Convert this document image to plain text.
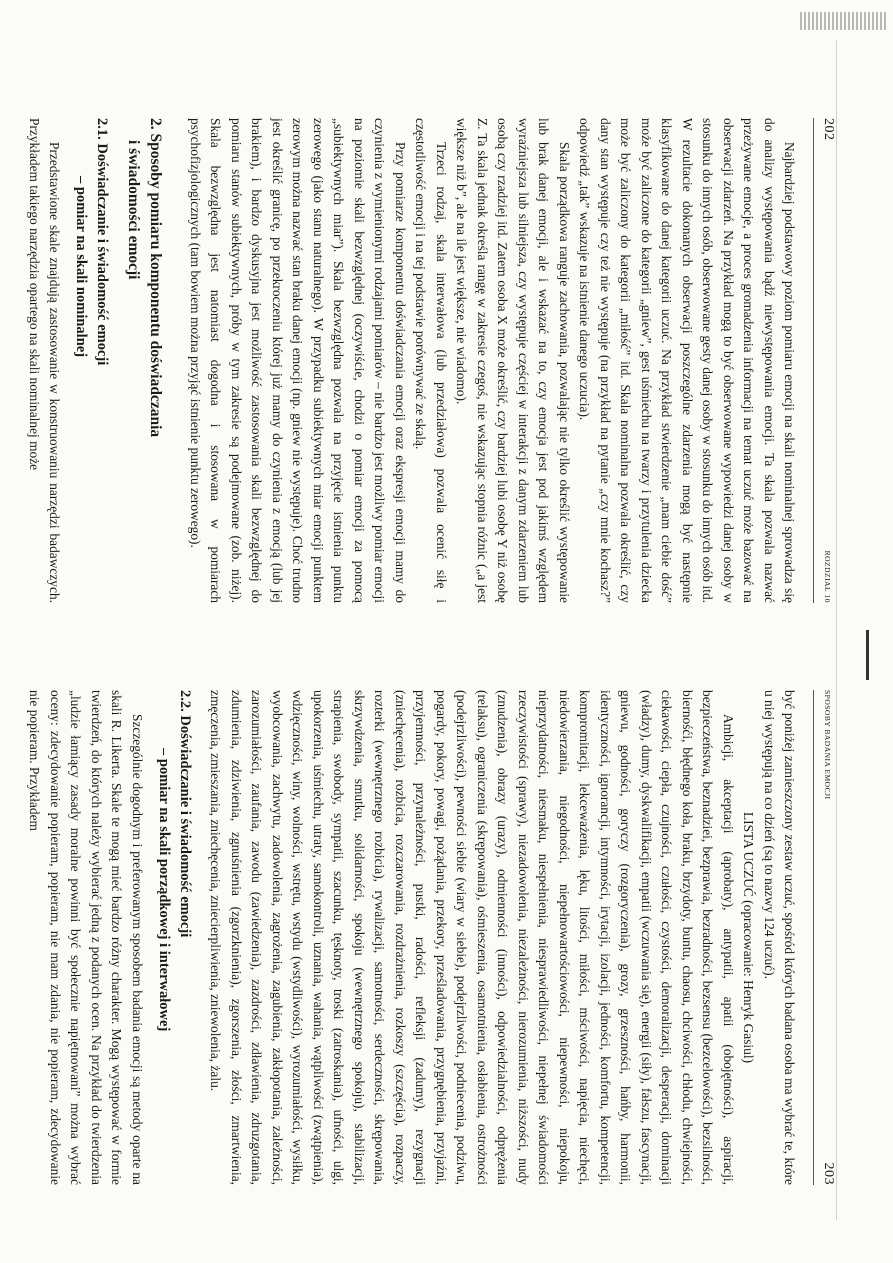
202
ROZDZIAŁ 10

Najbardziej podstawowy poziom pomiaru emocji na skali nominalnej sprowadza się do analizy występowania bądź niewystępowania emocji. Ta skala pozwala nazwać przeżywane emocje, a proces gromadzenia informacji na temat uczuć może bazować na obserwacji zdarzeń. Na przykład mogą to być obserwowane wypowiedzi danej osoby w stosunku do innych osób, obserwowane gesty danej osoby w stosunku do innych osób itd. W rezultacie dokonanych obserwacji poszczególne zdarzenia mogą być następnie klasyfikowane do danej kategorii uczuć. Na przykład stwierdzenie „mam ciebie dość” może być zaliczone do kategorii „gniew”, gest uśmiechu na twarzy i przytulenia dziecka może być zaliczony do kategorii „miłość” itd. Skala nominalna pozwala określić, czy dany stan występuje czy też nie występuje (na przykład na pytanie „czy mnie kochasz?” odpowiedź „tak” wskazuje na istnienie danego uczucia).

Skala porządkowa ranguje zachowania, pozwalając nie tylko określić występowanie lub brak danej emocji, ale i wskazać na to, czy emocja jest pod jakimś względem wyraźniejsza lub silniejsza, czy występuje częściej w interakcji z danym zdarzeniem lub osobą czy rzadziej itd. Zatem osoba X może określić, czy bardziej lubi osobę Y niż osobę Z. Ta skala jednak określa rangę w zakresie czegoś, nie wskazując stopnia różnic („a jest większe niż b”, ale na ile jest większe, nie wiadomo).

Trzeci rodzaj, skala interwałowa (lub przedziałowa) pozwala ocenić siłę i częstotliwość emocji i na tej podstawie porównywać ze skalą.

Przy pomiarze komponentu doświadczania emocji oraz ekspresji emocji mamy do czynienia z wymienionymi rodzajami pomiarów – nie bardzo jest możliwy pomiar emocji na poziomie skali bezwzględnej (oczywiście, chodzi o pomiar emocji za pomocą „subiektywnych miar”). Skala bezwzględna pozwala na przyjęcie istnienia punktu zerowego (jako stanu naturalnego). W przypadku subiektywnych miar emocji punktem zerowym można nazwać stan braku danej emocji (np. gniew nie występuje). Choć trudno jest określić granicę, po przekroczeniu której już mamy do czynienia z emocją (lub jej brakiem), i bardzo dyskusyjna jest możliwość zastosowania skali bezwzględnej do pomiaru stanów subiektywnych, próby w tym zakresie są podejmowane (zob. niżej). Skala bezwzględna jest natomiast dogodna i stosowana w pomiarach psychofizjologicznych (tam bowiem można przyjąć istnienie punktu zerowego).

2. Sposoby pomiaru komponentu doświadczania
i świadomości emocji
2.1. Doświadczanie i świadomość emocji
– pomiar na skali nominalnej

Przedstawione skale znajdują zastosowanie w konstruowaniu narzędzi badawczych. Przykładem takiego narzędzia opartego na skali nominalnej może

SPOSOBY BADANIA EMOCJI
203

być poniżej zamieszczony zestaw uczuć, spośród których badana osoba ma wybrać te, które u niej występują na co dzień (są to nazwy 124 uczuć).

LISTA UCZUĆ (opracowanie: Henryk Gasiul)

Ambicji, akceptacji (aprobaty), antypatii, apatii (obojętności), aspiracji, bezpieczeństwa, beznadziei, bezprawia, bezradności, bezsensu (bezcelowości), bezsilności, biernośći, błędnego koła, braku, brzydoty, buntu, chaosu, chciwości, chłodu, chwiejności, ciekawości, ciepła, czujności, czułości, czystości, demoralizacji, desperacji, dominacji (władzy), dumy, dyskwalifikacji, empatii (wczuwania się), energii (siły), fałszu, fascynacji, gniewu, godności, goryczy (rozgoryczenia), grozy, grzeszności, hańby, harmonii, identyczności, ignorancji, intymności, irytacji, izolacji, jedności, komfortu, kompetencji, kompromitacji, lekceważenia, lęku, litości, miłości, mściwości, napięcia, niechęci, niedowierzania, niegodności, niepełnowartościowości, niepewności, niepokoju, nieprzydatności, niesmaku, niespełnienia, niesprawiedliwości, niepełnej świadomości rzeczywistości (sprawy), niezadowolenia, niezależności, nierozumienia, niższości, nudy (znudzenia), obrazy (urazy), odmienności (inności), odpowiedzialności, odprężenia (relaksu), ograniczenia (skrępowania), ośmieszenia, osamotnienia, osłabienia, ostrożności (podejrzliwości), pewności siebie (wiary w siebie), podejrzliwości, podniecenia, podziwu, pogardy, pokory, powagi, pożądania, przekory, prześladowania, przygnębienia, przyjaźni, przyjemności, przynależności, pustki, radości, refleksji (zadumy), rezygnacji (zniechęcenia), rozbicia, rozczarowania, rozdrażnienia, rozkoszy (szczęścia), rozpaczy, rozterki (wewnętrznego rozbicia), rywalizacji, samotności, serdeczności, skrępowania, skrzywdzenia, smutku, solidarności, spokoju (wewnętrznego spokoju), stabilizacji, strapienia, swobody, sympatii, szacunku, tęsknoty, troski (zatroskania), ufności, ulgi, upokorzenia, uśmiechu, utraty, samokontroli, uznania, wahania, wątpliwości (zwątpienia), wdzięczności, winy, wolności, wstrętu, wstydu (wstydliwości), wyrozumiałości, wysiłku, wyobcowania, zachwytu, zadowolenia, zagrożenia, zagubienia, zakłopotania, zależności, zarozumiałości, zaufania, zawodu (zawiedzenia), zazdrości, zdławienia, zdruzgotania, zdumienia, zdziwienia, zgnuśnienia (zgorzknienia), zgorszenia, złości, zmartwienia, zmęczenia, zmieszania, zniechęcenia, zniecierpliwienia, zniewolenia, żalu.

2.2. Doświadczanie i świadomość emocji
– pomiar na skali porządkowej i interwałowej

Szczególnie dogodnym i preferowanym sposobem badania emocji są metody oparte na skali R. Likerta. Skale te mogą mieć bardzo różny charakter. Mogą występować w formie twierdzeń, do których należy wybierać jedną z podanych ocen. Na przykład do twierdzenia „ludzie łamiący zasady moralne powinni być społecznie napiętnowani” można wybrać oceny: zdecydowanie popieram, popieram, nie mam zdania, nie popieram, zdecydowanie nie popieram. Przykładem
